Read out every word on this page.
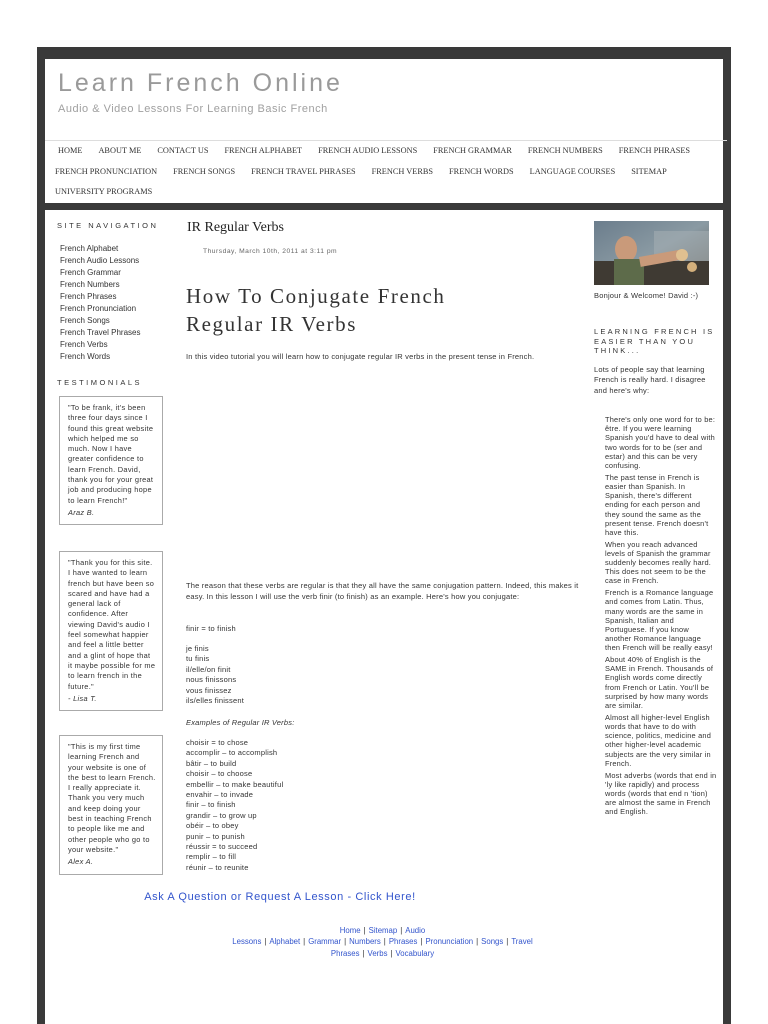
Learn French Online
Audio & Video Lessons For Learning Basic French
HOME	ABOUT ME	CONTACT US	FRENCH ALPHABET	FRENCH AUDIO LESSONS	FRENCH GRAMMAR	FRENCH NUMBERS	FRENCH PHRASES
FRENCH PRONUNCIATION	FRENCH SONGS	FRENCH TRAVEL PHRASES	FRENCH VERBS	FRENCH WORDS	LANGUAGE COURSES	SITEMAP
UNIVERSITY PROGRAMS
SITE NAVIGATION
French Alphabet
French Audio Lessons
French Grammar
French Numbers
French Phrases
French Pronunciation
French Songs
French Travel Phrases
French Verbs
French Words
TESTIMONIALS
"To be frank, it's been three four days since I found this great website which helped me so much. Now I have greater confidence to learn French. David, thank you for your great job and producing hope to learn French!"
Araz B.
"Thank you for this site. I have wanted to learn french but have been so scared and have had a general lack of confidence. After viewing David's audio I feel somewhat happier and feel a little better and a glint of hope that it maybe possible for me to learn french in the future."
- Lisa T.
"This is my first time learning French and your website is one of the best to learn French. I really appreciate it. Thank you very much and keep doing your best in teaching French to people like me and other people who go to your website."
Alex A.
IR Regular Verbs
Thursday, March 10th, 2011 at 3:11 pm
How To Conjugate French Regular IR Verbs
In this video tutorial you will learn how to conjugate regular IR verbs in the present tense in French.
The reason that these verbs are regular is that they all have the same conjugation pattern. Indeed, this makes it easy. In this lesson I will use the verb finir (to finish) as an example. Here's how you conjugate:
finir = to finish
je finis
tu finis
il/elle/on finit
nous finissons
vous finissez
ils/elles finissent
Examples of Regular IR Verbs:
choisir = to chose
accomplir – to accomplish
bâtir – to build
choisir – to choose
embellir – to make beautiful
envahir – to invade
finir – to finish
grandir – to grow up
obéir – to obey
punir – to punish
réussir = to succeed
remplir – to fill
réunir – to reunite
Ask A Question or Request A Lesson - Click Here!
Home | Sitemap | Audio Lessons | Alphabet | Grammar | Numbers | Phrases | Pronunciation | Songs | Travel Phrases | Verbs | Vocabulary
Bonjour & Welcome! David :-)
LEARNING FRENCH IS EASIER THAN YOU THINK...
Lots of people say that learning French is really hard. I disagree and here's why:
There's only one word for to be: être. If you were learning Spanish you'd have to deal with two words for to be (ser and estar) and this can be very confusing.
The past tense in French is easier than Spanish. In Spanish, there's different ending for each person and they sound the same as the present tense. French doesn't have this.
When you reach advanced levels of Spanish the grammar suddenly becomes really hard. This does not seem to be the case in French.
French is a Romance language and comes from Latin. Thus, many words are the same in Spanish, Italian and Portuguese. If you know another Romance language then French will be really easy!
About 40% of English is the SAME in French. Thousands of English words come directly from French or Latin. You'll be surprised by how many words are similar.
Almost all higher-level English words that have to do with science, politics, medicine and other higher-level academic subjects are the very similar in French.
Most adverbs (words that end in 'ly like rapidly) and process words (words that end n 'tion) are almost the same in French and English.
